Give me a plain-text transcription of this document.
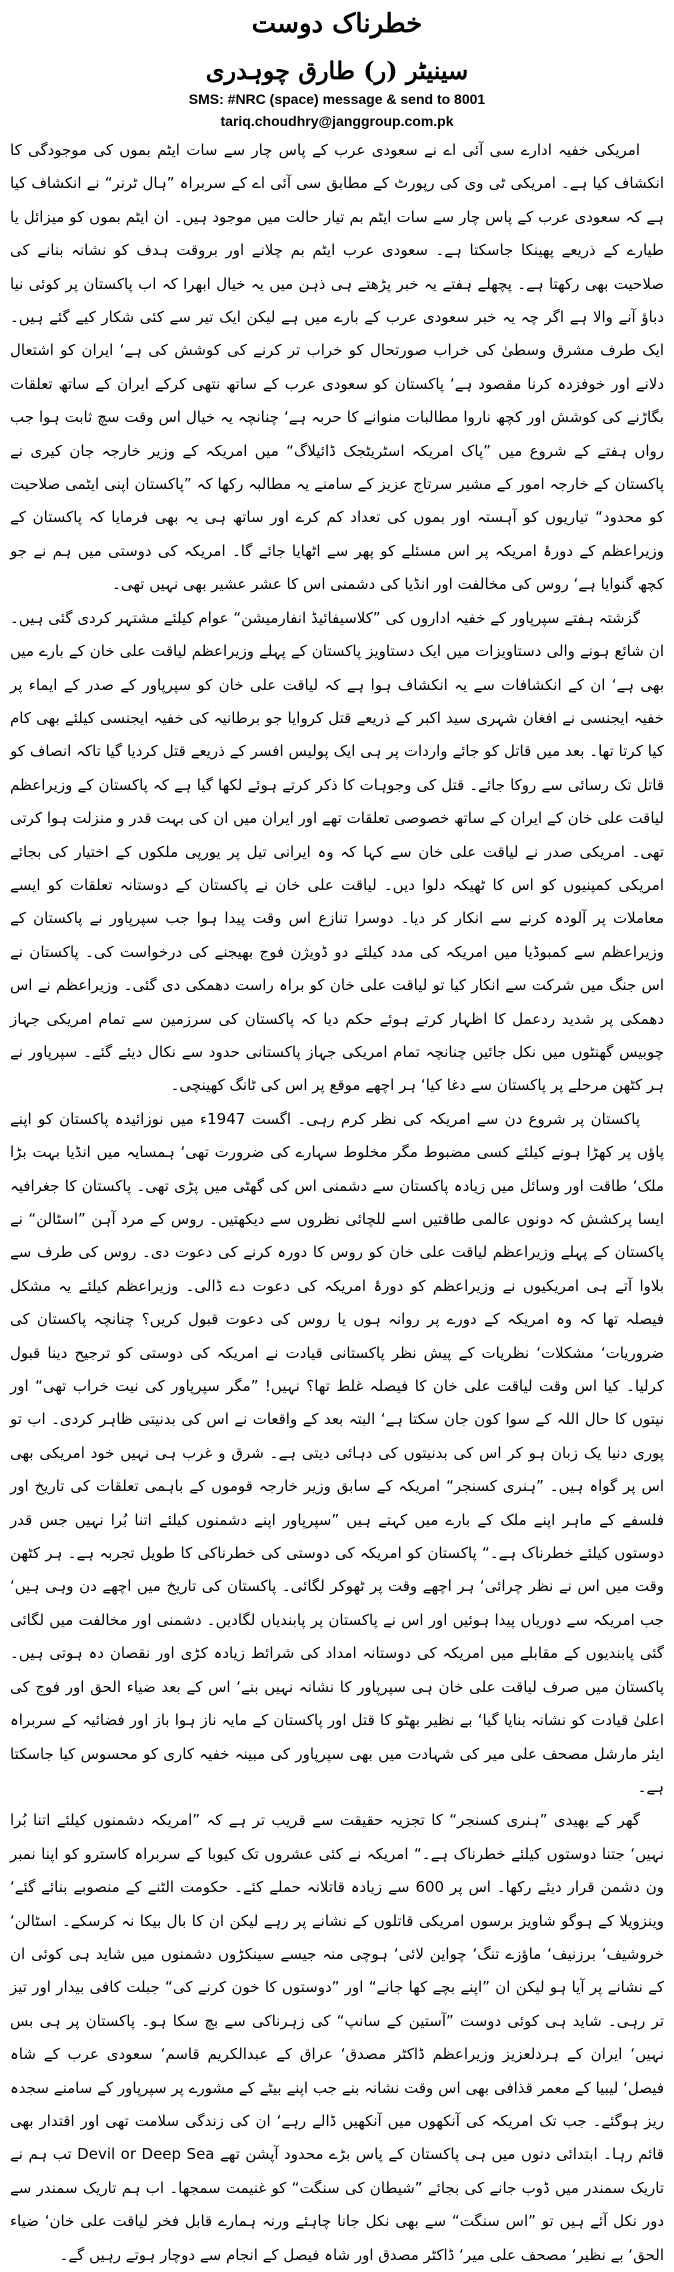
خطرناک دوست
سینیٹر (ر) طارق چوہدری
SMS: #NRC (space) message & send to 8001
tariq.choudhry@janggroup.com.pk

امریکی خفیہ ادارے سی آئی اے نے سعودی عرب کے پاس چار سے سات ایٹم بموں کی موجودگی کا انکشاف کیا ہے۔ امریکی ٹی وی کی رپورٹ کے مطابق سی آئی اے کے سربراہ ”ہال ٹرنر“ نے انکشاف کیا ہے کہ سعودی عرب کے پاس چار سے سات ایٹم بم تیار حالت میں موجود ہیں۔ ان ایٹم بموں کو میزائل یا طیارے کے ذریعے پھینکا جاسکتا ہے۔ سعودی عرب ایٹم بم چلانے اور بروقت ہدف کو نشانہ بنانے کی صلاحیت بھی رکھتا ہے۔ پچھلے ہفتے یہ خبر پڑھتے ہی ذہن میں یہ خیال ابھرا کہ اب پاکستان پر کوئی نیا دباؤ آنے والا ہے اگر چہ یہ خبر سعودی عرب کے بارے میں ہے لیکن ایک تیر سے کئی شکار کیے گئے ہیں۔ ایک طرف مشرق وسطیٰ کی خراب صورتحال کو خراب تر کرنے کی کوشش کی ہے‘ ایران کو اشتعال دلانے اور خوفزدہ کرنا مقصود ہے‘ پاکستان کو سعودی عرب کے ساتھ نتھی کرکے ایران کے ساتھ تعلقات بگاڑنے کی کوشش اور کچھ ناروا مطالبات منوانے کا حربہ ہے‘ چنانچہ یہ خیال اس وقت سچ ثابت ہوا جب رواں ہفتے کے شروع میں ”پاک امریکہ اسٹریٹجک ڈائیلاگ“ میں امریکہ کے وزیر خارجہ جان کیری نے پاکستان کے خارجہ امور کے مشیر سرتاج عزیز کے سامنے یہ مطالبہ رکھا کہ ”پاکستان اپنی ایٹمی صلاحیت کو محدود“ تیاریوں کو آہستہ اور بموں کی تعداد کم کرے اور ساتھ ہی یہ بھی فرمایا کہ پاکستان کے وزیراعظم کے دورۂ امریکہ پر اس مسئلے کو پھر سے اٹھایا جائے گا۔ امریکہ کی دوستی میں ہم نے جو کچھ گنوایا ہے‘ روس کی مخالفت اور انڈیا کی دشمنی اس کا عشر عشیر بھی نہیں تھی۔

گزشتہ ہفتے سپرپاور کے خفیہ اداروں کی ”کلاسیفائیڈ انفارمیشن“ عوام کیلئے مشتہر کردی گئی ہیں۔ ان شائع ہونے والی دستاویزات میں ایک دستاویز پاکستان کے پہلے وزیراعظم لیاقت علی خان کے بارے میں بھی ہے‘ ان کے انکشافات سے یہ انکشاف ہوا ہے کہ لیاقت علی خان کو سپرپاور کے صدر کے ایماء پر خفیہ ایجنسی نے افغان شہری سید اکبر کے ذریعے قتل کروایا جو برطانیہ کی خفیہ ایجنسی کیلئے بھی کام کیا کرتا تھا۔ بعد میں قاتل کو جائے واردات پر ہی ایک پولیس افسر کے ذریعے قتل کردیا گیا تاکہ انصاف کو قاتل تک رسائی سے روکا جائے۔ قتل کی وجوہات کا ذکر کرتے ہوئے لکھا گیا ہے کہ پاکستان کے وزیراعظم لیاقت علی خان کے ایران کے ساتھ خصوصی تعلقات تھے اور ایران میں ان کی بہت قدر و منزلت ہوا کرتی تھی۔ امریکی صدر نے لیاقت علی خان سے کہا کہ وہ ایرانی تیل پر یورپی ملکوں کے اختیار کی بجائے امریکی کمپنیوں کو اس کا ٹھیکہ دلوا دیں۔ لیاقت علی خان نے پاکستان کے دوستانہ تعلقات کو ایسے معاملات پر آلودہ کرنے سے انکار کر دیا۔ دوسرا تنازع اس وقت پیدا ہوا جب سپرپاور نے پاکستان کے وزیراعظم سے کمبوڈیا میں امریکہ کی مدد کیلئے دو ڈویژن فوج بھیجنے کی درخواست کی۔ پاکستان نے اس جنگ میں شرکت سے انکار کیا تو لیاقت علی خان کو براہ راست دھمکی دی گئی۔ وزیراعظم نے اس دھمکی پر شدید ردعمل کا اظہار کرتے ہوئے حکم دیا کہ پاکستان کی سرزمین سے تمام امریکی جہاز چوبیس گھنٹوں میں نکل جائیں چنانچہ تمام امریکی جہاز پاکستانی حدود سے نکال دیئے گئے۔ سپرپاور نے ہر کٹھن مرحلے پر پاکستان سے دغا کیا‘ ہر اچھے موقع پر اس کی ٹانگ کھینچی۔

پاکستان پر شروع دن سے امریکہ کی نظر کرم رہی۔ اگست 1947ء میں نوزائیدہ پاکستان کو اپنے پاؤں پر کھڑا ہونے کیلئے کسی مضبوط مگر مخلوط سہارے کی ضرورت تھی‘ ہمسایہ میں انڈیا بہت بڑا ملک‘ طاقت اور وسائل میں زیادہ پاکستان سے دشمنی اس کی گھٹی میں پڑی تھی۔ پاکستان کا جغرافیہ ایسا پرکشش کہ دونوں عالمی طاقتیں اسے للچائی نظروں سے دیکھتیں۔ روس کے مرد آہن ”اسٹالن“ نے پاکستان کے پہلے وزیراعظم لیاقت علی خان کو روس کا دورہ کرنے کی دعوت دی۔ روس کی طرف سے بلاوا آتے ہی امریکیوں نے وزیراعظم کو دورۂ امریکہ کی دعوت دے ڈالی۔ وزیراعظم کیلئے یہ مشکل فیصلہ تھا کہ وہ امریکہ کے دورے پر روانہ ہوں یا روس کی دعوت قبول کریں؟ چنانچہ پاکستان کی ضروریات‘ مشکلات‘ نظریات کے پیش نظر پاکستانی قیادت نے امریکہ کی دوستی کو ترجیح دینا قبول کرلیا۔ کیا اس وقت لیاقت علی خان کا فیصلہ غلط تھا؟ نہیں! ”مگر سپرپاور کی نیت خراب تھی“ اور نیتوں کا حال اللہ کے سوا کون جان سکتا ہے‘ البتہ بعد کے واقعات نے اس کی بدنیتی ظاہر کردی۔ اب تو پوری دنیا یک زبان ہو کر اس کی بدنیتوں کی دہائی دیتی ہے۔ شرق و غرب ہی نہیں خود امریکی بھی اس پر گواہ ہیں۔ ”ہنری کسنجر“ امریکہ کے سابق وزیر خارجہ قوموں کے باہمی تعلقات کی تاریخ اور فلسفے کے ماہر اپنے ملک کے بارے میں کہتے ہیں ”سپرپاور اپنے دشمنوں کیلئے اتنا بُرا نہیں جس قدر دوستوں کیلئے خطرناک ہے۔“ پاکستان کو امریکہ کی دوستی کی خطرناکی کا طویل تجربہ ہے۔ ہر کٹھن وقت میں اس نے نظر چرائی‘ ہر اچھے وقت پر ٹھوکر لگائی۔ پاکستان کی تاریخ میں اچھے دن وہی ہیں‘ جب امریکہ سے دوریاں پیدا ہوئیں اور اس نے پاکستان پر پابندیاں لگادیں۔ دشمنی اور مخالفت میں لگائی گئی پابندیوں کے مقابلے میں امریکہ کی دوستانہ امداد کی شرائط زیادہ کڑی اور نقصان دہ ہوتی ہیں۔ پاکستان میں صرف لیاقت علی خان ہی سپرپاور کا نشانہ نہیں بنے‘ اس کے بعد ضیاء الحق اور فوج کی اعلیٰ قیادت کو نشانہ بنایا گیا‘ بے نظیر بھٹو کا قتل اور پاکستان کے مایہ ناز ہوا باز اور فضائیہ کے سربراہ ایئر مارشل مصحف علی میر کی شہادت میں بھی سپرپاور کی مبینہ خفیہ کاری کو محسوس کیا جاسکتا ہے۔

گھر کے بھیدی ”ہنری کسنجر“ کا تجزیہ حقیقت سے قریب تر ہے کہ ”امریکہ دشمنوں کیلئے اتنا بُرا نہیں‘ جتنا دوستوں کیلئے خطرناک ہے۔“ امریکہ نے کئی عشروں تک کیوبا کے سربراہ کاسترو کو اپنا نمبر ون دشمن قرار دیئے رکھا۔ اس پر 600 سے زیادہ قاتلانہ حملے کئے۔ حکومت الٹنے کے منصوبے بنائے گئے‘ وینزویلا کے ہوگو شاویز برسوں امریکی قاتلوں کے نشانے پر رہے لیکن ان کا بال بیکا نہ کرسکے۔ اسٹالن‘ خروشیف‘ برزنیف‘ ماؤزے تنگ‘ چواین لائی‘ ہوچی منہ جیسے سینکڑوں دشمنوں میں شاید ہی کوئی ان کے نشانے پر آیا ہو لیکن ان ”اپنے بچے کھا جانے“ اور ”دوستوں کا خون کرنے کی“ جبلت کافی بیدار اور تیز تر رہی۔ شاید ہی کوئی دوست ”آستین کے سانپ“ کی زہرناکی سے بچ سکا ہو۔ پاکستان پر ہی بس نہیں‘ ایران کے ہردلعزیز وزیراعظم ڈاکٹر مصدق‘ عراق کے عبدالکریم قاسم‘ سعودی عرب کے شاہ فیصل‘ لیبیا کے معمر قذافی بھی اس وقت نشانہ بنے جب اپنے بیٹے کے مشورے پر سپرپاور کے سامنے سجدہ ریز ہوگئے۔ جب تک امریکہ کی آنکھوں میں آنکھیں ڈالے رہے‘ ان کی زندگی سلامت تھی اور اقتدار بھی قائم رہا۔ ابتدائی دنوں میں ہی پاکستان کے پاس بڑے محدود آپشن تھے Devil or Deep Sea تب ہم نے تاریک سمندر میں ڈوب جانے کی بجائے ”شیطان کی سنگت“ کو غنیمت سمجھا۔ اب ہم تاریک سمندر سے دور نکل آئے ہیں تو ”اس سنگت“ سے بھی نکل جانا چاہئے ورنہ ہمارے قابل فخر لیاقت علی خان‘ ضیاء الحق‘ بے نظیر‘ مصحف علی میر‘ ڈاکٹر مصدق اور شاہ فیصل کے انجام سے دوچار ہوتے رہیں گے۔
